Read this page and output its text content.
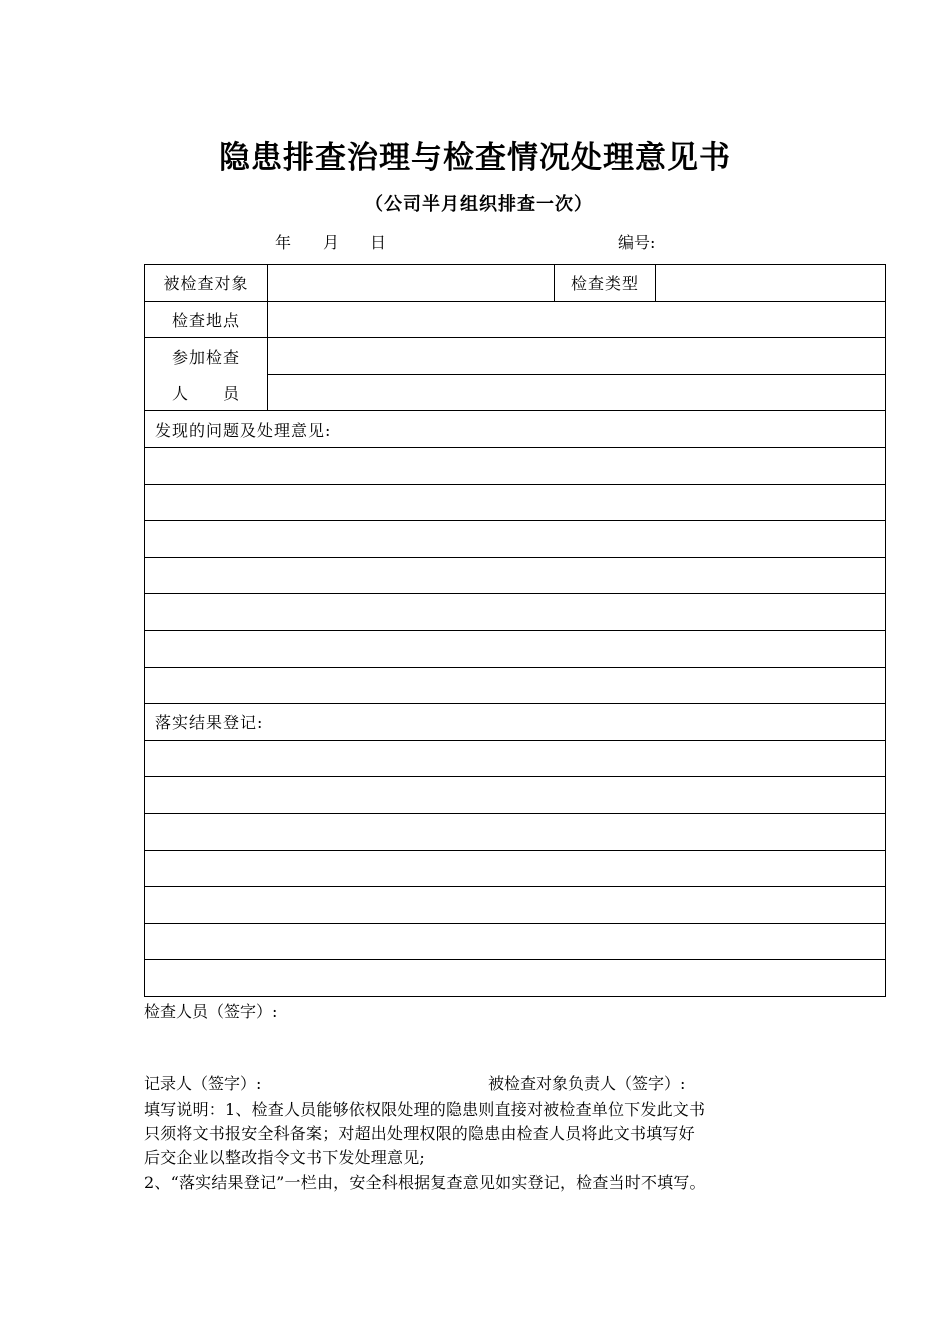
隐患排查治理与检查情况处理意见书
（公司半月组织排查一次）
年 月 日	编号:
被检查对象		检查类型	
检查地点			
参加检查			
人　　员			
发现的问题及处理意见:			

落实结果登记:			

检查人员（签字）:
记录人（签字）:	被检查对象负责人（签字）:
填写说明：1、检查人员能够依权限处理的隐患则直接对被检查单位下发此文书
只须将文书报安全科备案；对超出处理权限的隐患由检查人员将此文书填写好
后交企业以整改指令文书下发处理意见;
2、“落实结果登记”一栏由，安全科根据复查意见如实登记，检查当时不填写。
